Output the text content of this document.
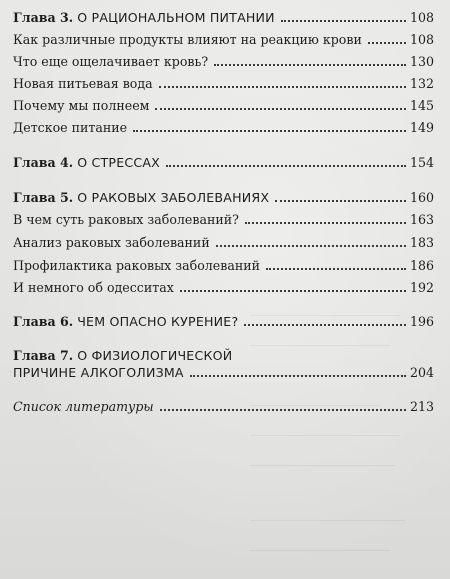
Глава 3. О РАЦИОНАЛЬНОМ ПИТАНИИ	108
Как различные продукты влияют на реакцию крови	108
Что еще ощелачивает кровь?	130
Новая питьевая вода	132
Почему мы полнеем	145
Детское питание	149
Глава 4. О СТРЕССАХ	154
Глава 5. О РАКОВЫХ ЗАБОЛЕВАНИЯХ	160
В чем суть раковых заболеваний?	163
Анализ раковых заболеваний	183
Профилактика раковых заболеваний	186
И немного об одесситах	192
Глава 6. ЧЕМ ОПАСНО КУРЕНИЕ?	196
Глава 7. О ФИЗИОЛОГИЧЕСКОЙ
ПРИЧИНЕ АЛКОГОЛИЗМА	204
Список литературы	213
